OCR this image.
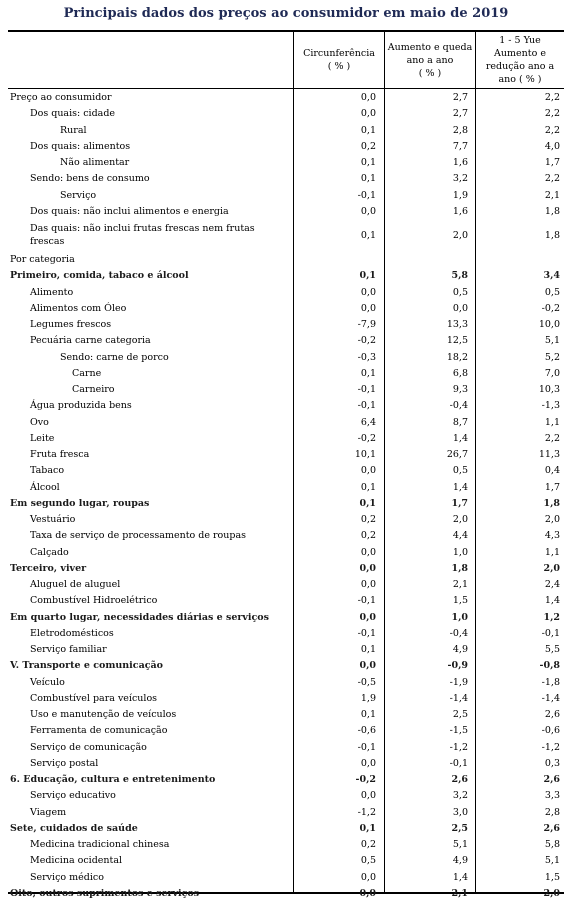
Principais dados dos preços ao consumidor em maio de 2019
Circunferência
( % )
Aumento e queda
ano a ano
( % )
1 - 5 Yue
Aumento e
redução ano a
ano ( % )
Preço ao consumidor	0,0	2,7	2,2
Dos quais: cidade	0,0	2,7	2,2
Rural	0,1	2,8	2,2
Dos quais: alimentos	0,2	7,7	4,0
Não alimentar	0,1	1,6	1,7
Sendo: bens de consumo	0,1	3,2	2,2
Serviço	-0,1	1,9	2,1
Dos quais: não inclui alimentos e energia	0,0	1,6	1,8
Das quais: não inclui frutas frescas nem frutas frescas
0,1	2,0	1,8
Por categoria
Primeiro, comida, tabaco e álcool	0,1	5,8	3,4
Alimento	0,0	0,5	0,5
Alimentos com Óleo	0,0	0,0	-0,2
Legumes frescos	-7,9	13,3	10,0
Pecuária carne categoria	-0,2	12,5	5,1
Sendo: carne de porco	-0,3	18,2	5,2
Carne	0,1	6,8	7,0
Carneiro	-0,1	9,3	10,3
Água produzida bens	-0,1	-0,4	-1,3
Ovo	6,4	8,7	1,1
Leite	-0,2	1,4	2,2
Fruta fresca	10,1	26,7	11,3
Tabaco	0,0	0,5	0,4
Álcool	0,1	1,4	1,7
Em segundo lugar, roupas	0,1	1,7	1,8
Vestuário	0,2	2,0	2,0
Taxa de serviço de processamento de roupas	0,2	4,4	4,3
Calçado	0,0	1,0	1,1
Terceiro, viver	0,0	1,8	2,0
Aluguel de aluguel	0,0	2,1	2,4
Combustível Hidroelétrico	-0,1	1,5	1,4
Em quarto lugar, necessidades diárias e serviços	0,0	1,0	1,2
Eletrodomésticos	-0,1	-0,4	-0,1
Serviço familiar	0,1	4,9	5,5
V. Transporte e comunicação	0,0	-0,9	-0,8
Veículo	-0,5	-1,9	-1,8
Combustível para veículos	1,9	-1,4	-1,4
Uso e manutenção de veículos	0,1	2,5	2,6
Ferramenta de comunicação	-0,6	-1,5	-0,6
Serviço de comunicação	-0,1	-1,2	-1,2
Serviço postal	0,0	-0,1	0,3
6. Educação, cultura e entretenimento	-0,2	2,6	2,6
Serviço educativo	0,0	3,2	3,3
Viagem	-1,2	3,0	2,8
Sete, cuidados de saúde	0,1	2,5	2,6
Medicina tradicional chinesa	0,2	5,1	5,8
Medicina ocidental	0,5	4,9	5,1
Serviço médico	0,0	1,4	1,5
Oito, outros suprimentos e serviços	0,0	2,1	2,0
